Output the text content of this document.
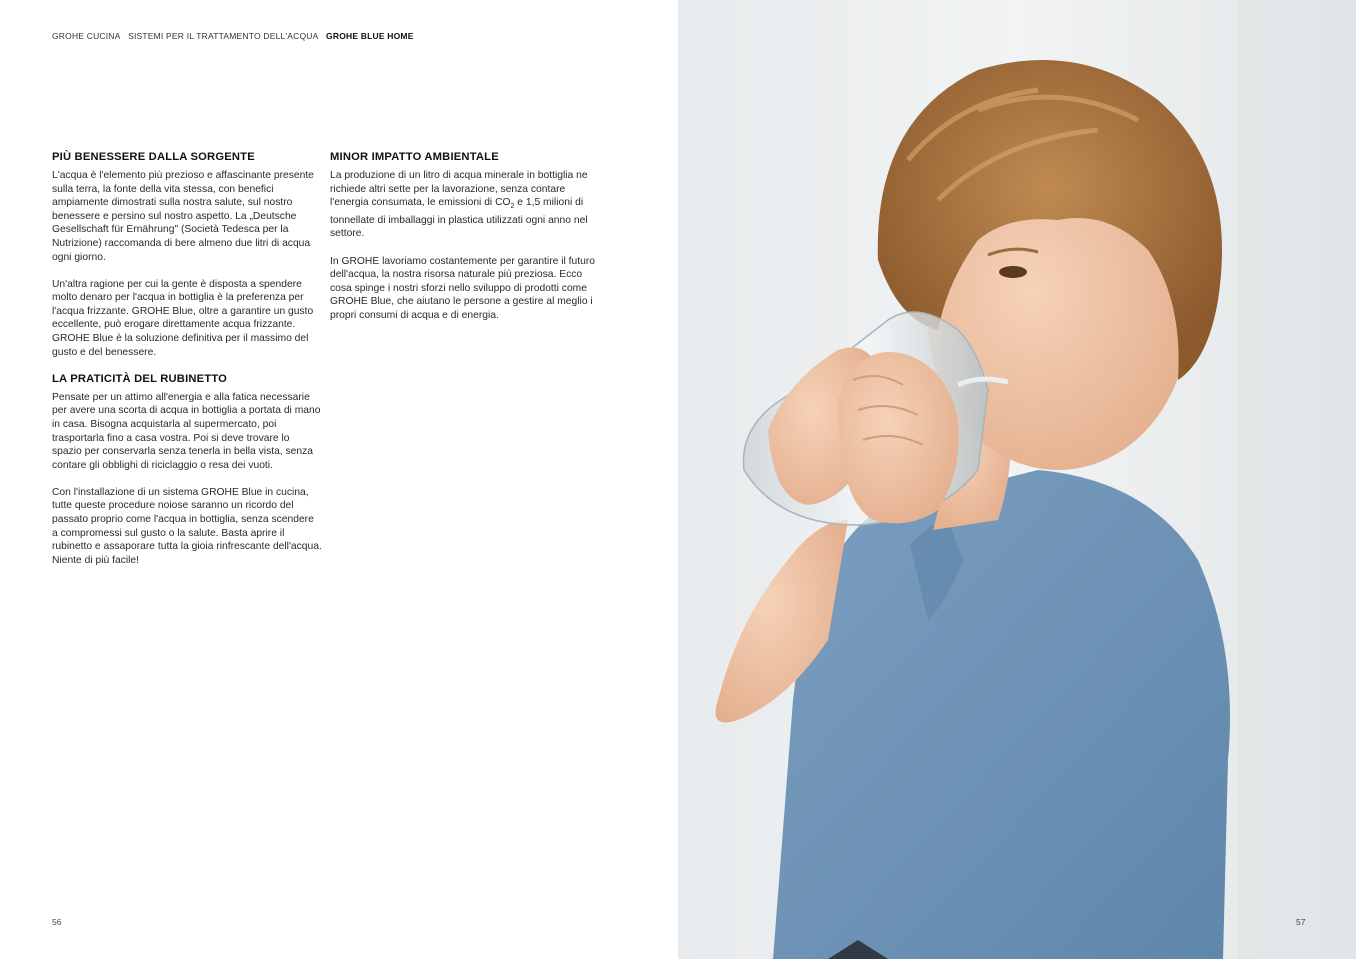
GROHE CUCINA SISTEMI PER IL TRATTAMENTO DELL'ACQUA GROHE BLUE HOME
PIÙ BENESSERE DALLA SORGENTE

L'acqua è l'elemento più prezioso e affascinante presente sulla terra, la fonte della vita stessa, con benefici ampiamente dimostrati sulla nostra salute, sul nostro benessere e persino sul nostro aspetto. La „Deutsche Gesellschaft für Ernährung" (Società Tedesca per la Nutrizione) raccomanda di bere almeno due litri di acqua ogni giorno.

Un'altra ragione per cui la gente è disposta a spendere molto denaro per l'acqua in bottiglia è la preferenza per l'acqua frizzante. GROHE Blue, oltre a garantire un gusto eccellente, può erogare direttamente acqua frizzante. GROHE Blue è la soluzione definitiva per il massimo del gusto e del benessere.

LA PRATICITÀ DEL RUBINETTO

Pensate per un attimo all'energia e alla fatica necessarie per avere una scorta di acqua in bottiglia a portata di mano in casa. Bisogna acquistarla al supermercato, poi trasportarla fino a casa vostra. Poi si deve trovare lo spazio per conservarla senza tenerla in bella vista, senza contare gli obblighi di riciclaggio o resa dei vuoti.

Con l'installazione di un sistema GROHE Blue in cucina, tutte queste procedure noiose saranno un ricordo del passato proprio come l'acqua in bottiglia, senza scendere a compromessi sul gusto o la salute. Basta aprire il rubinetto e assaporare tutta la gioia rinfrescante dell'acqua. Niente di più facile!

MINOR IMPATTO AMBIENTALE

La produzione di un litro di acqua minerale in bottiglia ne richiede altri sette per la lavorazione, senza contare l'energia consumata, le emissioni di $CO_2$ e 1,5 milioni di tonnellate di imballaggi in plastica utilizzati ogni anno nel settore.

In GROHE lavoriamo costantemente per garantire il futuro dell'acqua, la nostra risorsa naturale più preziosa. Ecco cosa spinge i nostri sforzi nello sviluppo di prodotti come GROHE Blue, che aiutano le persone a gestire al meglio i propri consumi di acqua e di energia.

56	57
